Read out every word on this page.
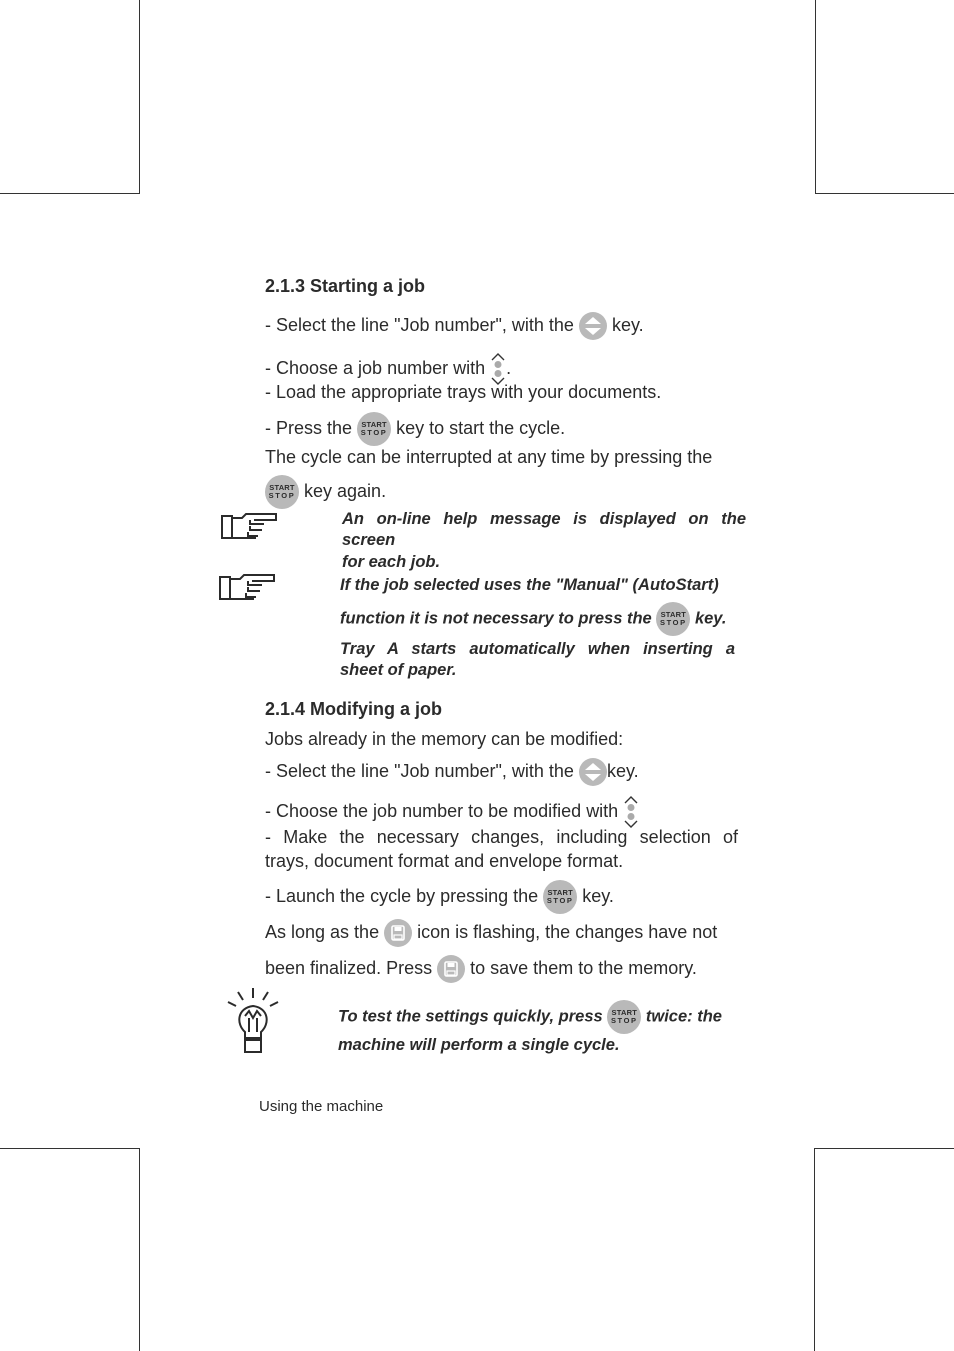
2.1.3 Starting a job
- Select the line "Job number", with the key.
- Choose a job number with .
- Load the appropriate trays with your documents.
- Press the	START
STOP key to start the cycle.
The cycle can be interrupted at any time by pressing the
START
STOP key again.
An on-line help message is displayed on the
screen
for each job.
If the job selected uses the "Manual" (AutoStart)
function it is not necessary to press the	START
STOP key.
Tray A starts automatically when inserting a
sheet of paper.
2.1.4 Modifying a job
Jobs already in the memory can be modified:
- Select the line "Job number", with the key.
- Choose the job number to be modified with
- Make the necessary changes, including selection of
trays, document format and envelope format.
- Launch the cycle by pressing the	START
STOP key.
As long as the icon is flashing, the changes have not
been finalized. Press to save them to the memory.
To test the settings quickly, press	START
STOP twice: the
machine will perform a single cycle.
Using the machine
